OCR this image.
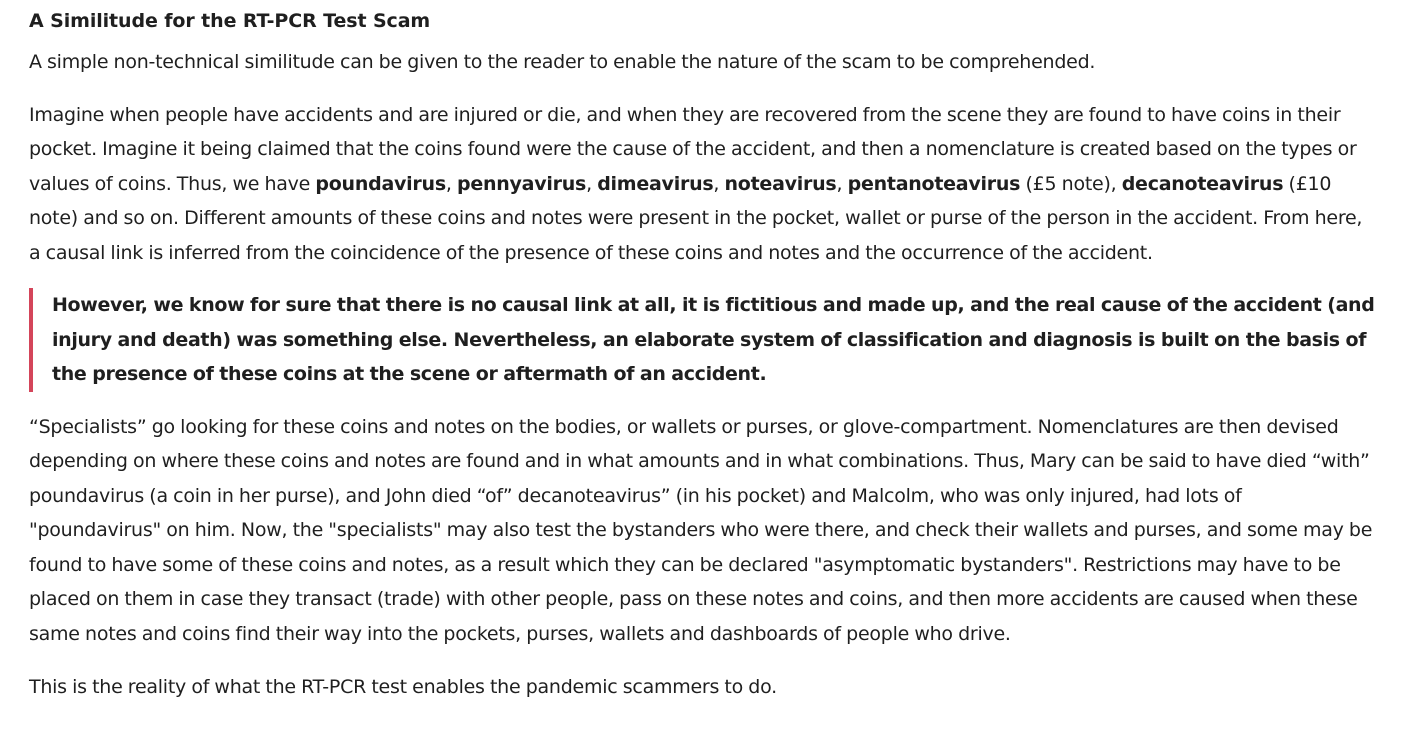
A Similitude for the RT-PCR Test Scam

A simple non-technical similitude can be given to the reader to enable the nature of the scam to be comprehended.

Imagine when people have accidents and are injured or die, and when they are recovered from the scene they are found to have coins in their pocket. Imagine it being claimed that the coins found were the cause of the accident, and then a nomenclature is created based on the types or values of coins. Thus, we have poundavirus, pennyavirus, dimeavirus, noteavirus, pentanoteavirus (£5 note), decanoteavirus (£10 note) and so on. Different amounts of these coins and notes were present in the pocket, wallet or purse of the person in the accident. From here, a causal link is inferred from the coincidence of the presence of these coins and notes and the occurrence of the accident.

However, we know for sure that there is no causal link at all, it is fictitious and made up, and the real cause of the accident (and injury and death) was something else. Nevertheless, an elaborate system of classification and diagnosis is built on the basis of the presence of these coins at the scene or aftermath of an accident.

“Specialists” go looking for these coins and notes on the bodies, or wallets or purses, or glove-compartment. Nomenclatures are then devised depending on where these coins and notes are found and in what amounts and in what combinations. Thus, Mary can be said to have died “with” poundavirus (a coin in her purse), and John died “of” decanoteavirus” (in his pocket) and Malcolm, who was only injured, had lots of "poundavirus" on him. Now, the "specialists" may also test the bystanders who were there, and check their wallets and purses, and some may be found to have some of these coins and notes, as a result which they can be declared "asymptomatic bystanders". Restrictions may have to be placed on them in case they transact (trade) with other people, pass on these notes and coins, and then more accidents are caused when these same notes and coins find their way into the pockets, purses, wallets and dashboards of people who drive.

This is the reality of what the RT-PCR test enables the pandemic scammers to do.
